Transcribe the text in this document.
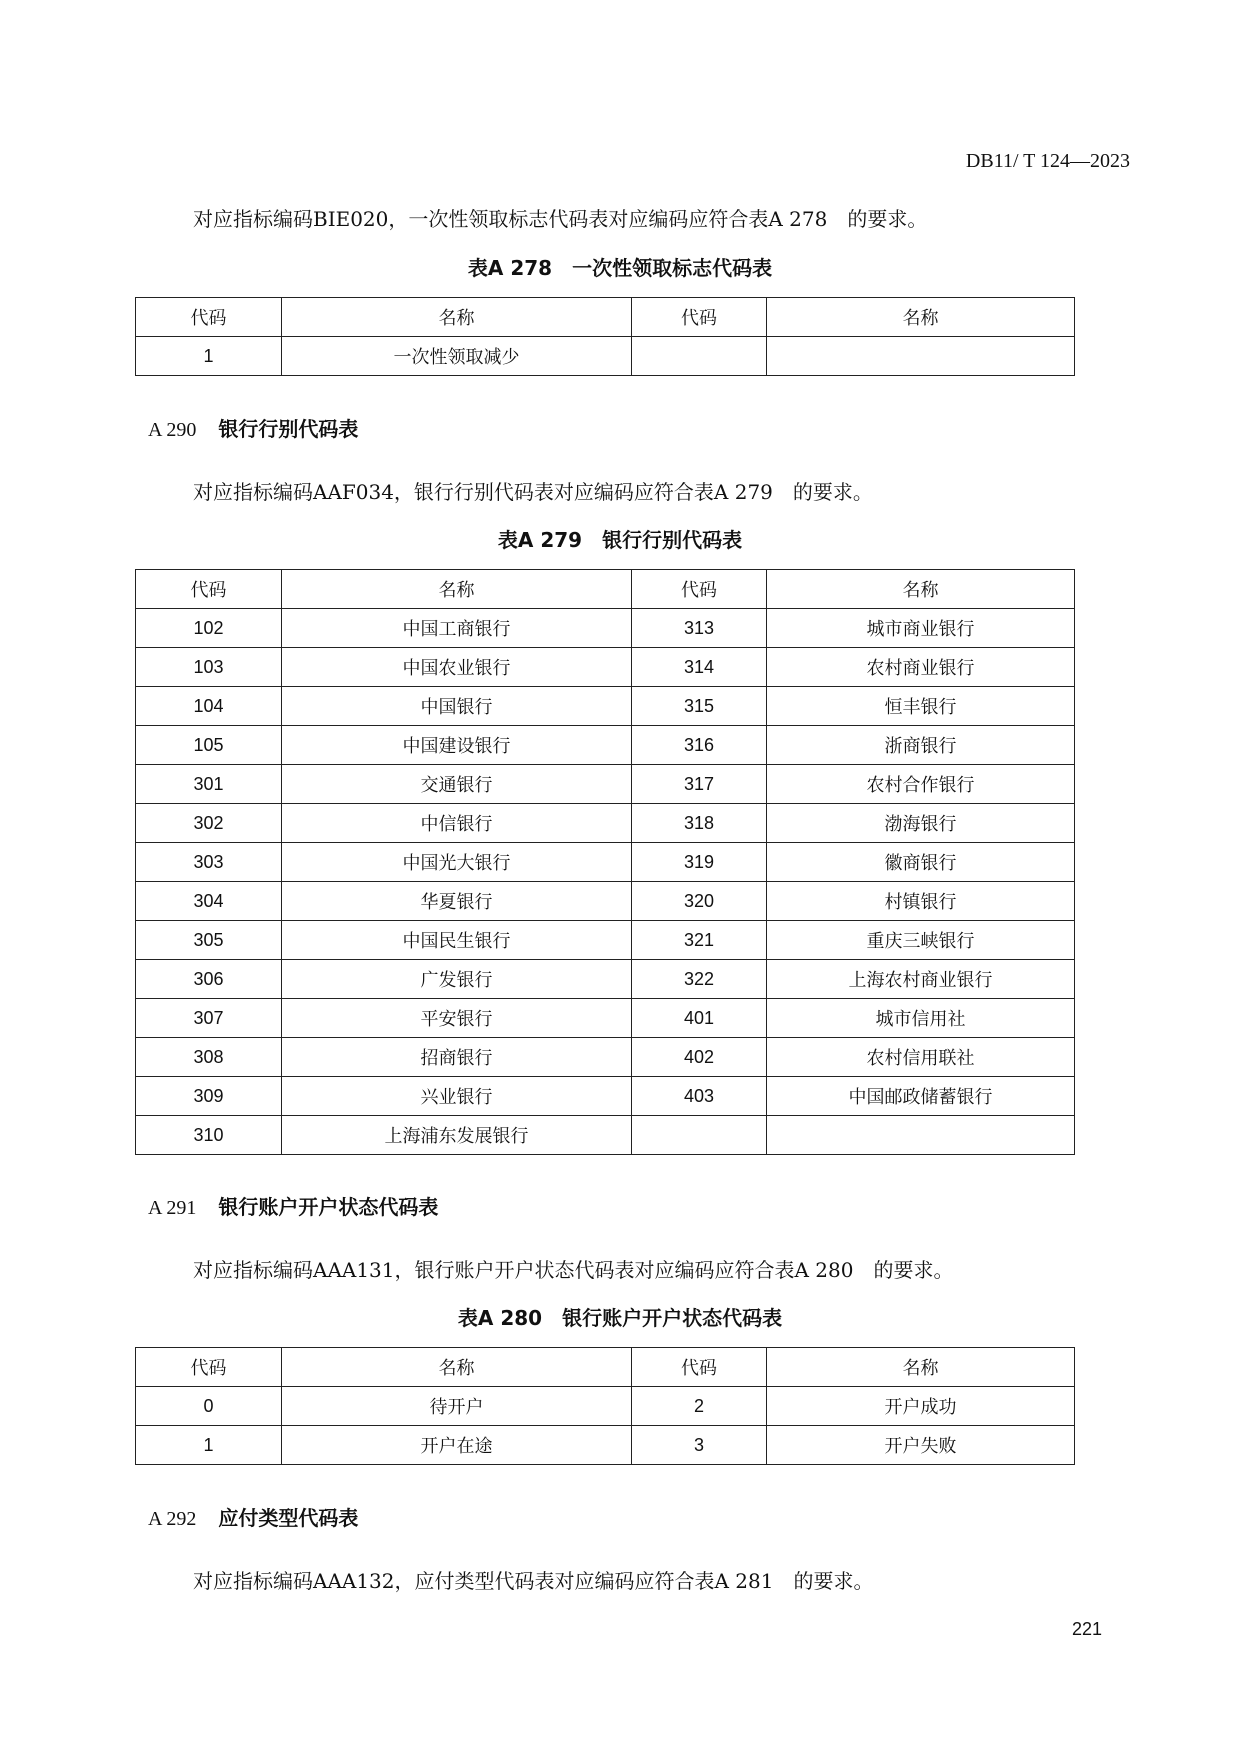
DB11/ T 124—2023
对应指标编码BIE020，一次性领取标志代码表对应编码应符合表A 278　的要求。
表A 278　一次性领取标志代码表
代码	名称	代码	名称
1	一次性领取减少		
A 290 银行行别代码表
对应指标编码AAF034，银行行别代码表对应编码应符合表A 279　的要求。
表A 279　银行行别代码表
代码	名称	代码	名称
102	中国工商银行	313	城市商业银行
103	中国农业银行	314	农村商业银行
104	中国银行	315	恒丰银行
105	中国建设银行	316	浙商银行
301	交通银行	317	农村合作银行
302	中信银行	318	渤海银行
303	中国光大银行	319	徽商银行
304	华夏银行	320	村镇银行
305	中国民生银行	321	重庆三峡银行
306	广发银行	322	上海农村商业银行
307	平安银行	401	城市信用社
308	招商银行	402	农村信用联社
309	兴业银行	403	中国邮政储蓄银行
310	上海浦东发展银行		
A 291 银行账户开户状态代码表
对应指标编码AAA131，银行账户开户状态代码表对应编码应符合表A 280　的要求。
表A 280　银行账户开户状态代码表
代码	名称	代码	名称
0	待开户	2	开户成功
1	开户在途	3	开户失败
A 292 应付类型代码表
对应指标编码AAA132，应付类型代码表对应编码应符合表A 281　的要求。
221
